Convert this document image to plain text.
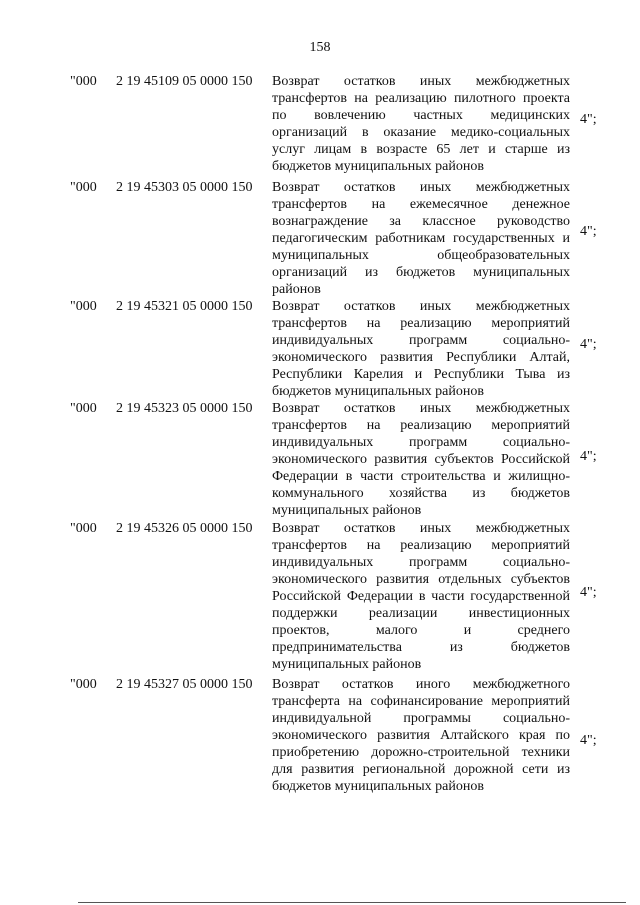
158
"000 2 19 45109 05 0000 150 Возврат остатков иных межбюджетных трансфертов на реализацию пилотного проекта по вовлечению частных медицинских организаций в оказание медико-социальных услуг лицам в возрасте 65 лет и старше из бюджетов муниципальных районов
4";
"000 2 19 45303 05 0000 150 Возврат остатков иных межбюджетных трансфертов на ежемесячное денежное вознаграждение за классное руководство педагогическим работникам государственных и муниципальных общеобразовательных организаций из бюджетов муниципальных районов
4";
"000 2 19 45321 05 0000 150 Возврат остатков иных межбюджетных трансфертов на реализацию мероприятий индивидуальных программ социально-экономического развития Республики Алтай, Республики Карелия и Республики Тыва из бюджетов муниципальных районов
4";
"000 2 19 45323 05 0000 150 Возврат остатков иных межбюджетных трансфертов на реализацию мероприятий индивидуальных программ социально-экономического развития субъектов Российской Федерации в части строительства и жилищно-коммунального хозяйства из бюджетов муниципальных районов
4";
"000 2 19 45326 05 0000 150 Возврат остатков иных межбюджетных трансфертов на реализацию мероприятий индивидуальных программ социально-экономического развития отдельных субъектов Российской Федерации в части государственной поддержки реализации инвестиционных проектов, малого и среднего предпринимательства из бюджетов муниципальных районов
4";
"000 2 19 45327 05 0000 150 Возврат остатков иного межбюджетного трансферта на софинансирование мероприятий индивидуальной программы социально-экономического развития Алтайского края по приобретению дорожно-строительной техники для развития региональной дорожной сети из бюджетов муниципальных районов
4";
